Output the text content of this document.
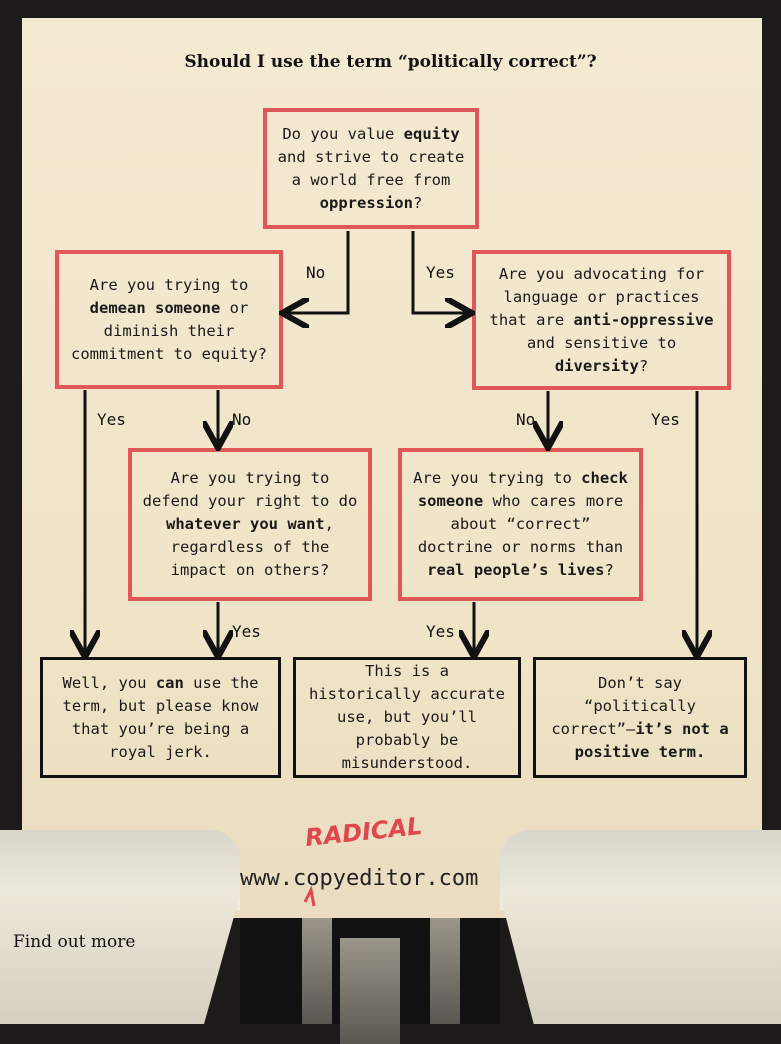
Should I use the term “politically correct”?
Do you value equity and strive to create a world free from oppression?
Are you trying to demean someone or diminish their commitment to equity?
Are you advocating for language or practices that are anti-oppressive and sensitive to diversity?
Are you trying to defend your right to do whatever you want, regardless of the impact on others?
Are you trying to check someone who cares more about “correct” doctrine or norms than real people’s lives?
Well, you can use the term, but please know that you’re being a royal jerk.
This is a historically accurate use, but you’ll probably be misunderstood.
Don’t say “politically correct”—it’s not a positive term.
No	Yes
Yes	No	No	Yes
Yes	Yes
www.copyeditor.com
RADICAL
Find out more
